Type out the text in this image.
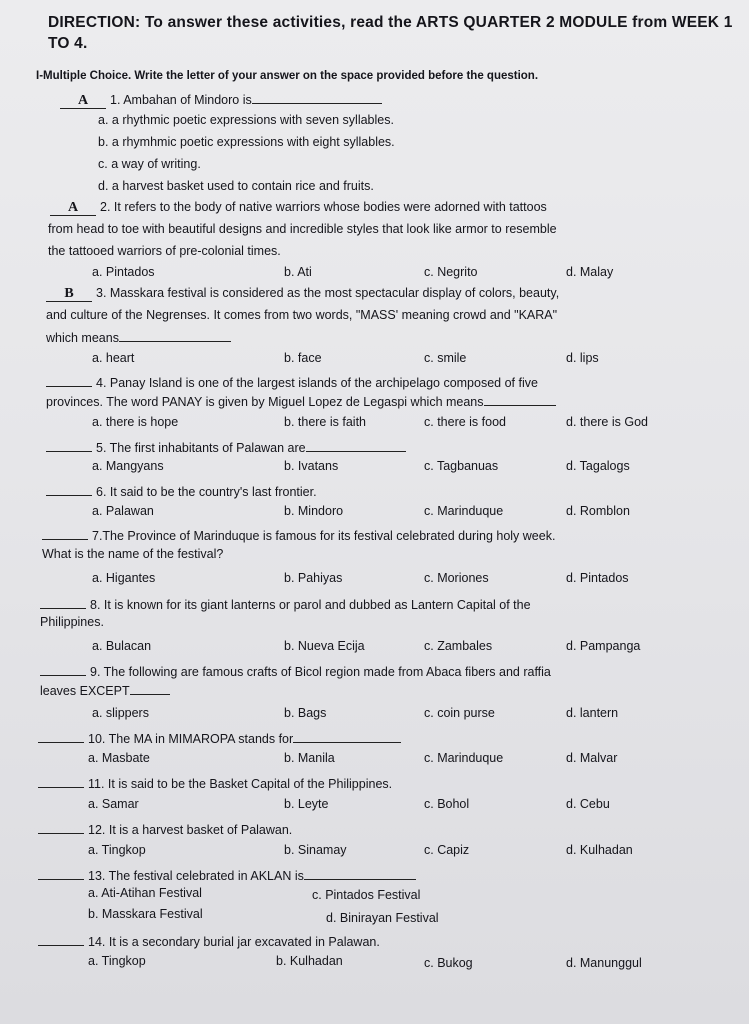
DIRECTION: To answer these activities, read the ARTS QUARTER 2 MODULE from WEEK 1 TO 4.
I-Multiple Choice. Write the letter of your answer on the space provided before the question.
A 1. Ambahan of Mindoro is
a. a rhythmic poetic expressions with seven syllables.
b. a rhymhmic poetic expressions with eight syllables.
c. a way of writing.
d. a harvest basket used to contain rice and fruits.
A 2. It refers to the body of native warriors whose bodies were adorned with tattoos
from head to toe with beautiful designs and incredible styles that look like armor to resemble
the tattooed warriors of pre-colonial times.
a. Pintados	b. Ati	c. Negrito	d. Malay
B 3. Masskara festival is considered as the most spectacular display of colors, beauty,
and culture of the Negrenses. It comes from two words, "MASS' meaning crowd and "KARA"
which means
a. heart	b. face	c. smile	d. lips
4. Panay Island is one of the largest islands of the archipelago composed of five
provinces. The word PANAY is given by Miguel Lopez de Legaspi which means
a. there is hope	b. there is faith	c. there is food	d. there is God
5. The first inhabitants of Palawan are
a. Mangyans	b. Ivatans	c. Tagbanuas	d. Tagalogs
6. It said to be the country's last frontier.
a. Palawan	b. Mindoro	c. Marinduque	d. Romblon
7.The Province of Marinduque is famous for its festival celebrated during holy week.
What is the name of the festival?
a. Higantes	b. Pahiyas	c. Moriones	d. Pintados
8. It is known for its giant lanterns or parol and dubbed as Lantern Capital of the
Philippines.
a. Bulacan	b. Nueva Ecija	c. Zambales	d. Pampanga
9. The following are famous crafts of Bicol region made from Abaca fibers and raffia
leaves EXCEPT
a. slippers	b. Bags	c. coin purse	d. lantern
10. The MA in MIMAROPA stands for
a. Masbate	b. Manila	c. Marinduque	d. Malvar
11. It is said to be the Basket Capital of the Philippines.
a. Samar	b. Leyte	c. Bohol	d. Cebu
12. It is a harvest basket of Palawan.
a. Tingkop	b. Sinamay	c. Capiz	d. Kulhadan
13. The festival celebrated in AKLAN is
a. Ati-Atihan Festival	c. Pintados Festival
b. Masskara Festival	d. Binirayan Festival
14. It is a secondary burial jar excavated in Palawan.
a. Tingkop	b. Kulhadan	c. Bukog	d. Manunggul
